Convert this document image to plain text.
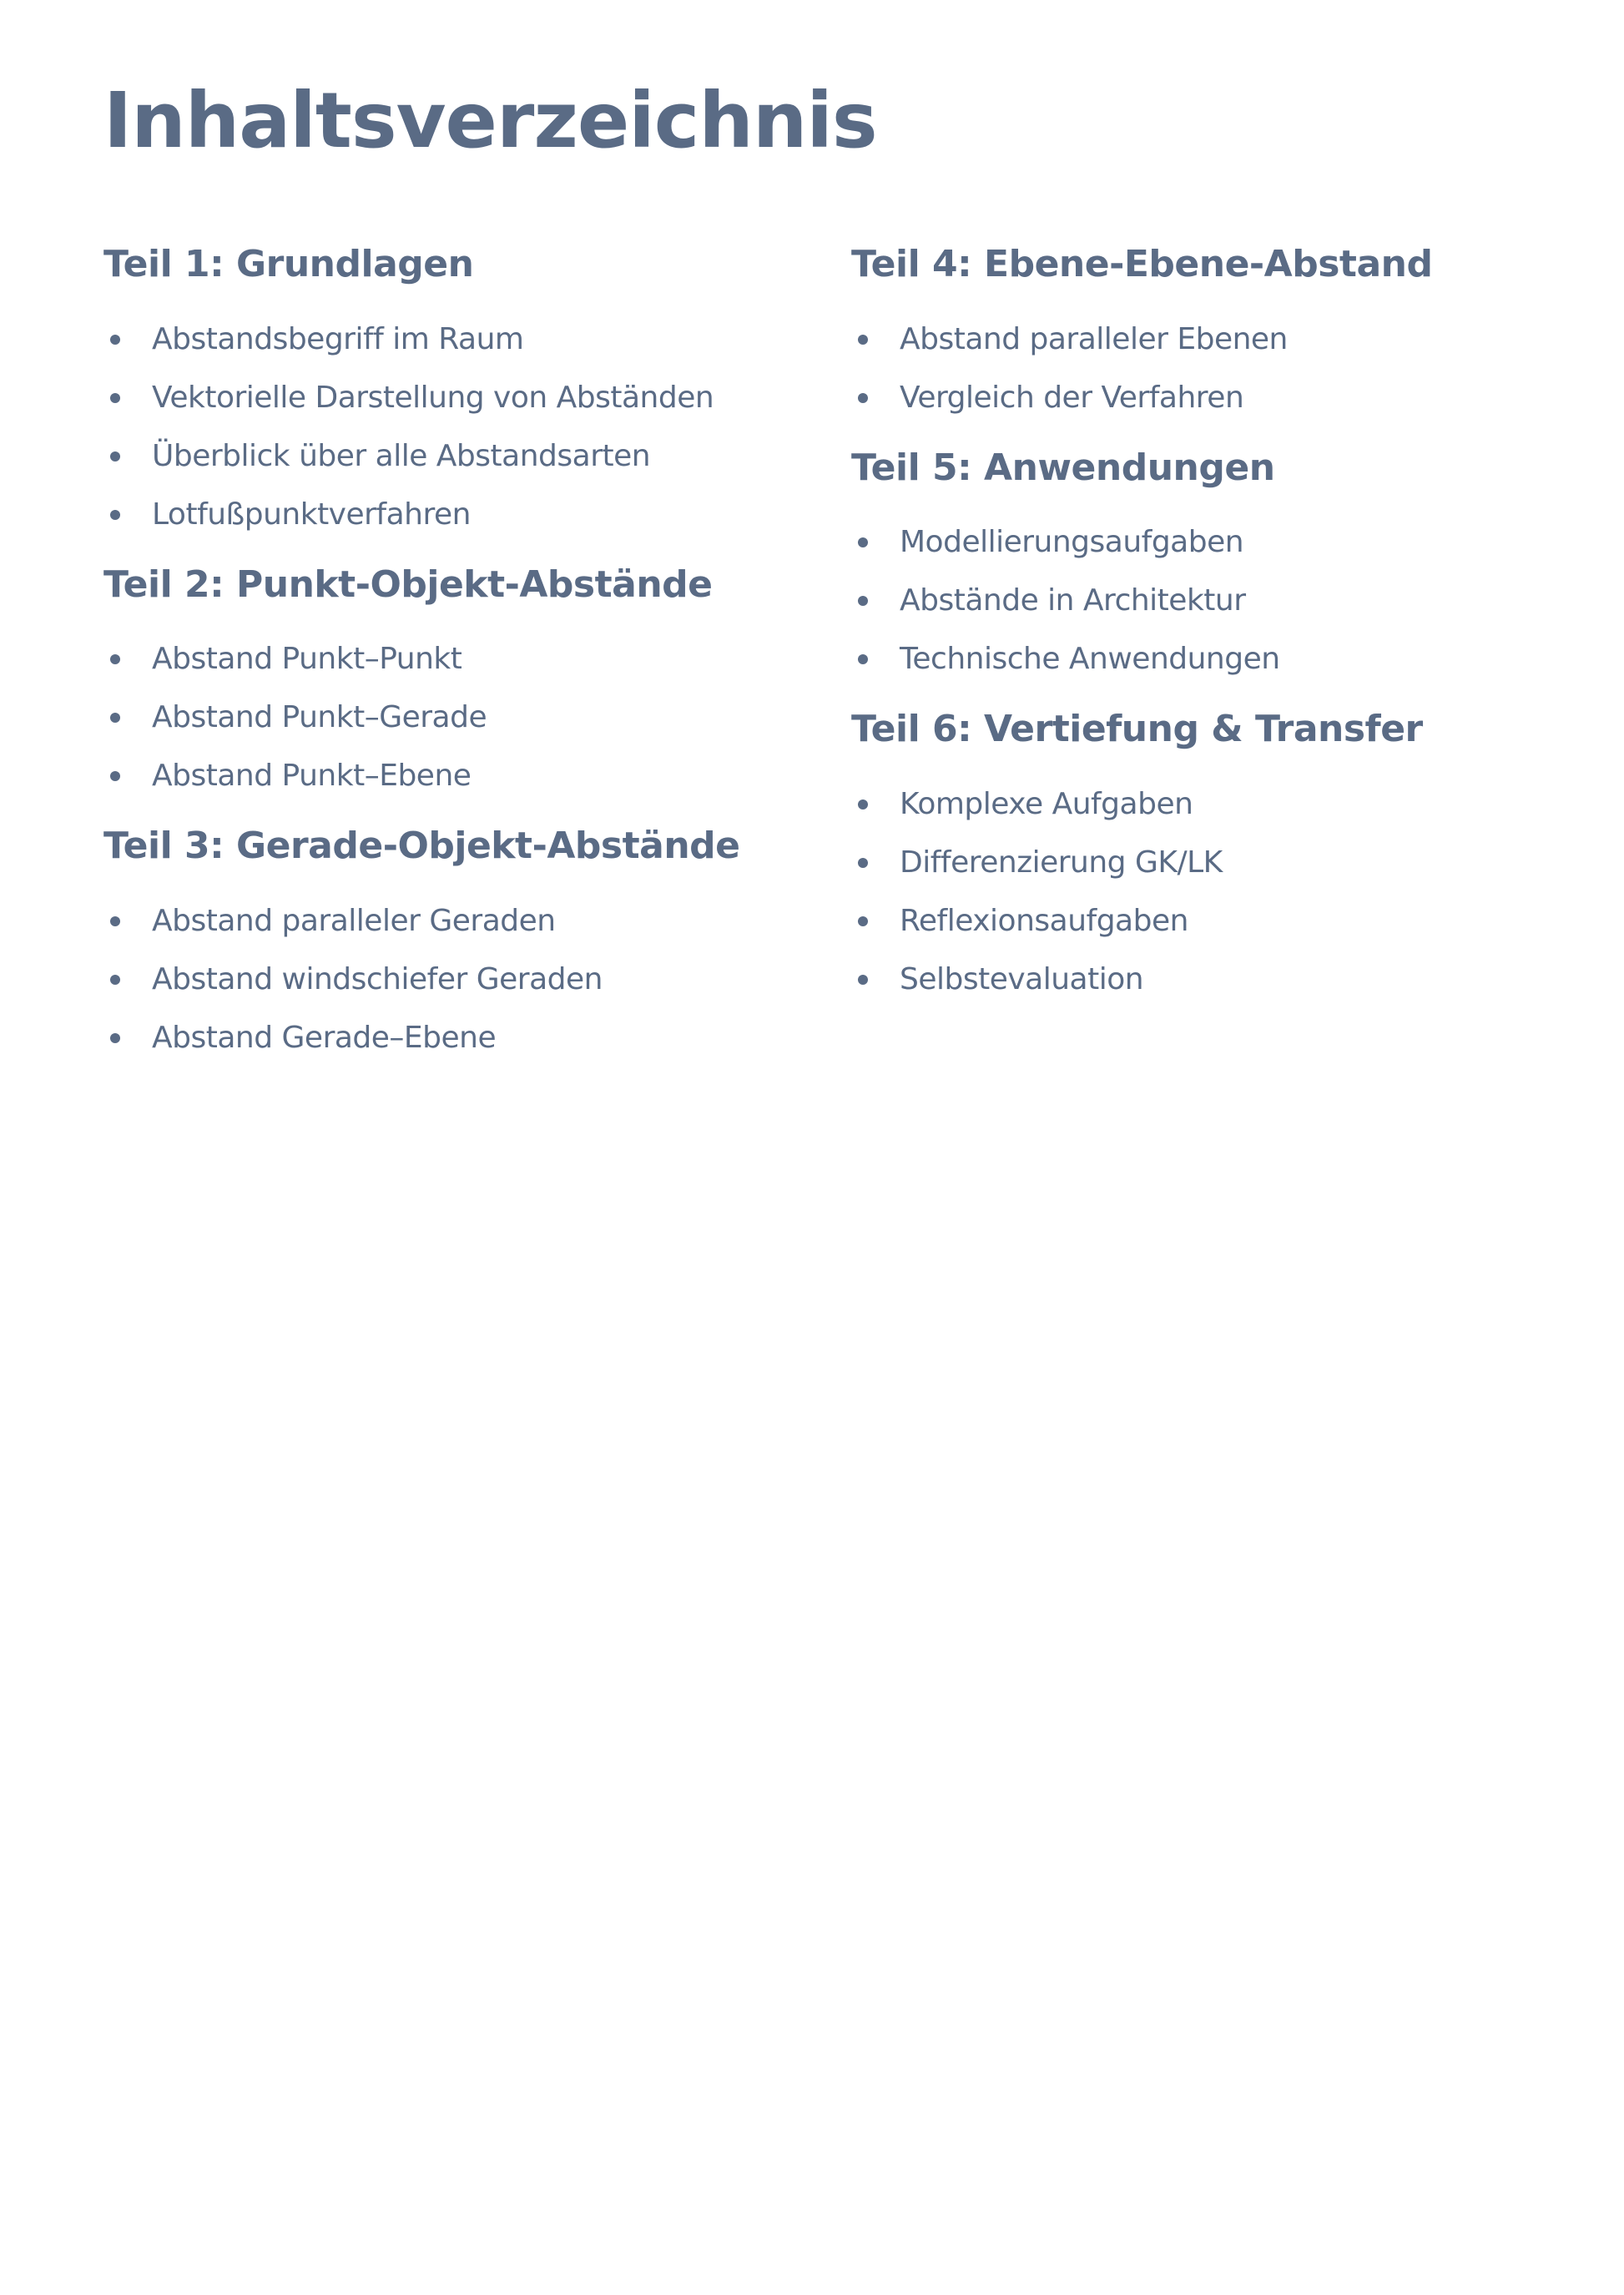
Inhaltsverzeichnis
Teil 1: Grundlagen
Abstandsbegriff im Raum
Vektorielle Darstellung von Abständen
Überblick über alle Abstandsarten
Lotfußpunktverfahren
Teil 2: Punkt-Objekt-Abstände
Abstand Punkt–Punkt
Abstand Punkt–Gerade
Abstand Punkt–Ebene
Teil 3: Gerade-Objekt-Abstände
Abstand paralleler Geraden
Abstand windschiefer Geraden
Abstand Gerade–Ebene
Teil 4: Ebene-Ebene-Abstand
Abstand paralleler Ebenen
Vergleich der Verfahren
Teil 5: Anwendungen
Modellierungsaufgaben
Abstände in Architektur
Technische Anwendungen
Teil 6: Vertiefung & Transfer
Komplexe Aufgaben
Differenzierung GK/LK
Reflexionsaufgaben
Selbstevaluation
